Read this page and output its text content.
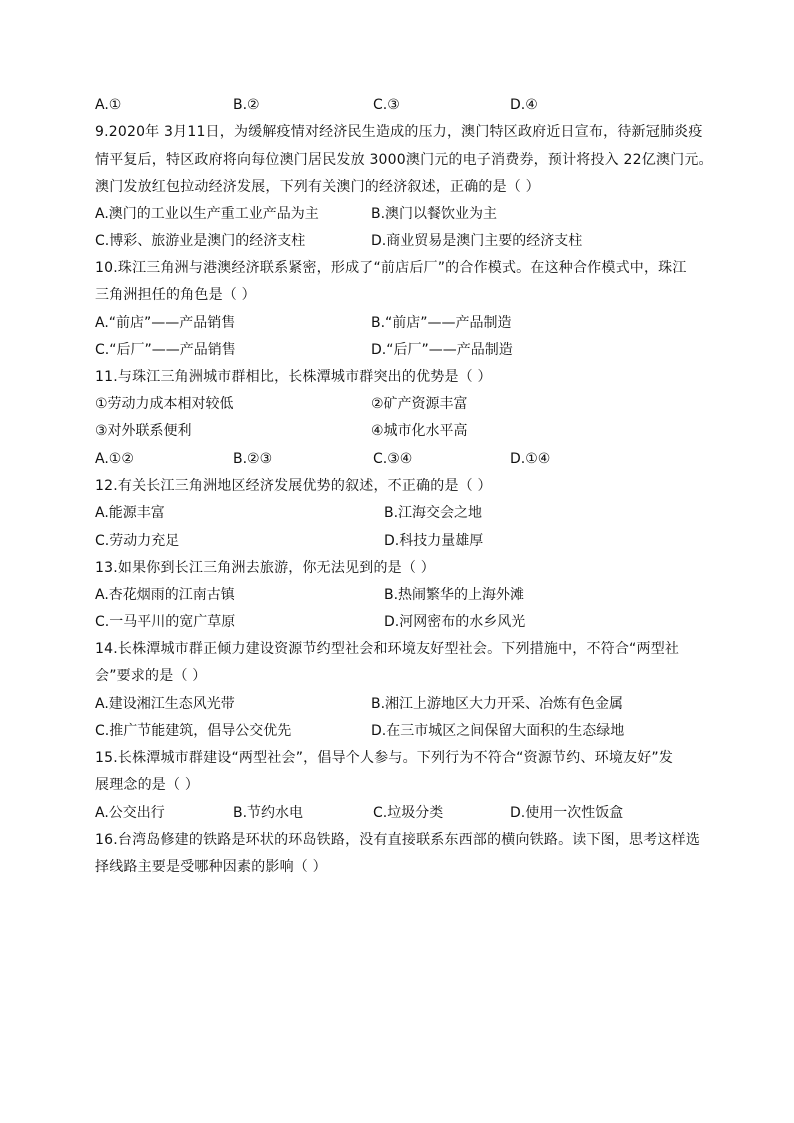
A.①	B.②	C.③	D.④
9.2020年 3月11日，为缓解疫情对经济民生造成的压力，澳门特区政府近日宣布，待新冠肺炎疫
情平复后，特区政府将向每位澳门居民发放 3000澳门元的电子消费券，预计将投入 22亿澳门元。
澳门发放红包拉动经济发展，下列有关澳门的经济叙述，正确的是（ ）
A.澳门的工业以生产重工业产品为主	B.澳门以餐饮业为主
C.博彩、旅游业是澳门的经济支柱	D.商业贸易是澳门主要的经济支柱
10.珠江三角洲与港澳经济联系紧密，形成了“前店后厂”的合作模式。在这种合作模式中，珠江
三角洲担任的角色是（ ）
A.“前店”——产品销售	B.“前店”——产品制造
C.“后厂”——产品销售	D.“后厂”——产品制造
11.与珠江三角洲城市群相比，长株潭城市群突出的优势是（ ）
①劳动力成本相对较低	②矿产资源丰富
③对外联系便利	④城市化水平高
A.①②	B.②③	C.③④	D.①④
12.有关长江三角洲地区经济发展优势的叙述，不正确的是（ ）
A.能源丰富	B.江海交会之地
C.劳动力充足	D.科技力量雄厚
13.如果你到长江三角洲去旅游，你无法见到的是（ ）
A.杏花烟雨的江南古镇	B.热闹繁华的上海外滩
C.一马平川的宽广草原	D.河网密布的水乡风光
14.长株潭城市群正倾力建设资源节约型社会和环境友好型社会。下列措施中，不符合“两型社
会”要求的是（ ）
A.建设湘江生态风光带	B.湘江上游地区大力开采、冶炼有色金属
C.推广节能建筑，倡导公交优先	D.在三市城区之间保留大面积的生态绿地
15.长株潭城市群建设“两型社会”，倡导个人参与。下列行为不符合“资源节约、环境友好”发
展理念的是（ ）
A.公交出行	B.节约水电	C.垃圾分类	D.使用一次性饭盒
16.台湾岛修建的铁路是环状的环岛铁路，没有直接联系东西部的横向铁路。读下图，思考这样选
择线路主要是受哪种因素的影响（ ）
